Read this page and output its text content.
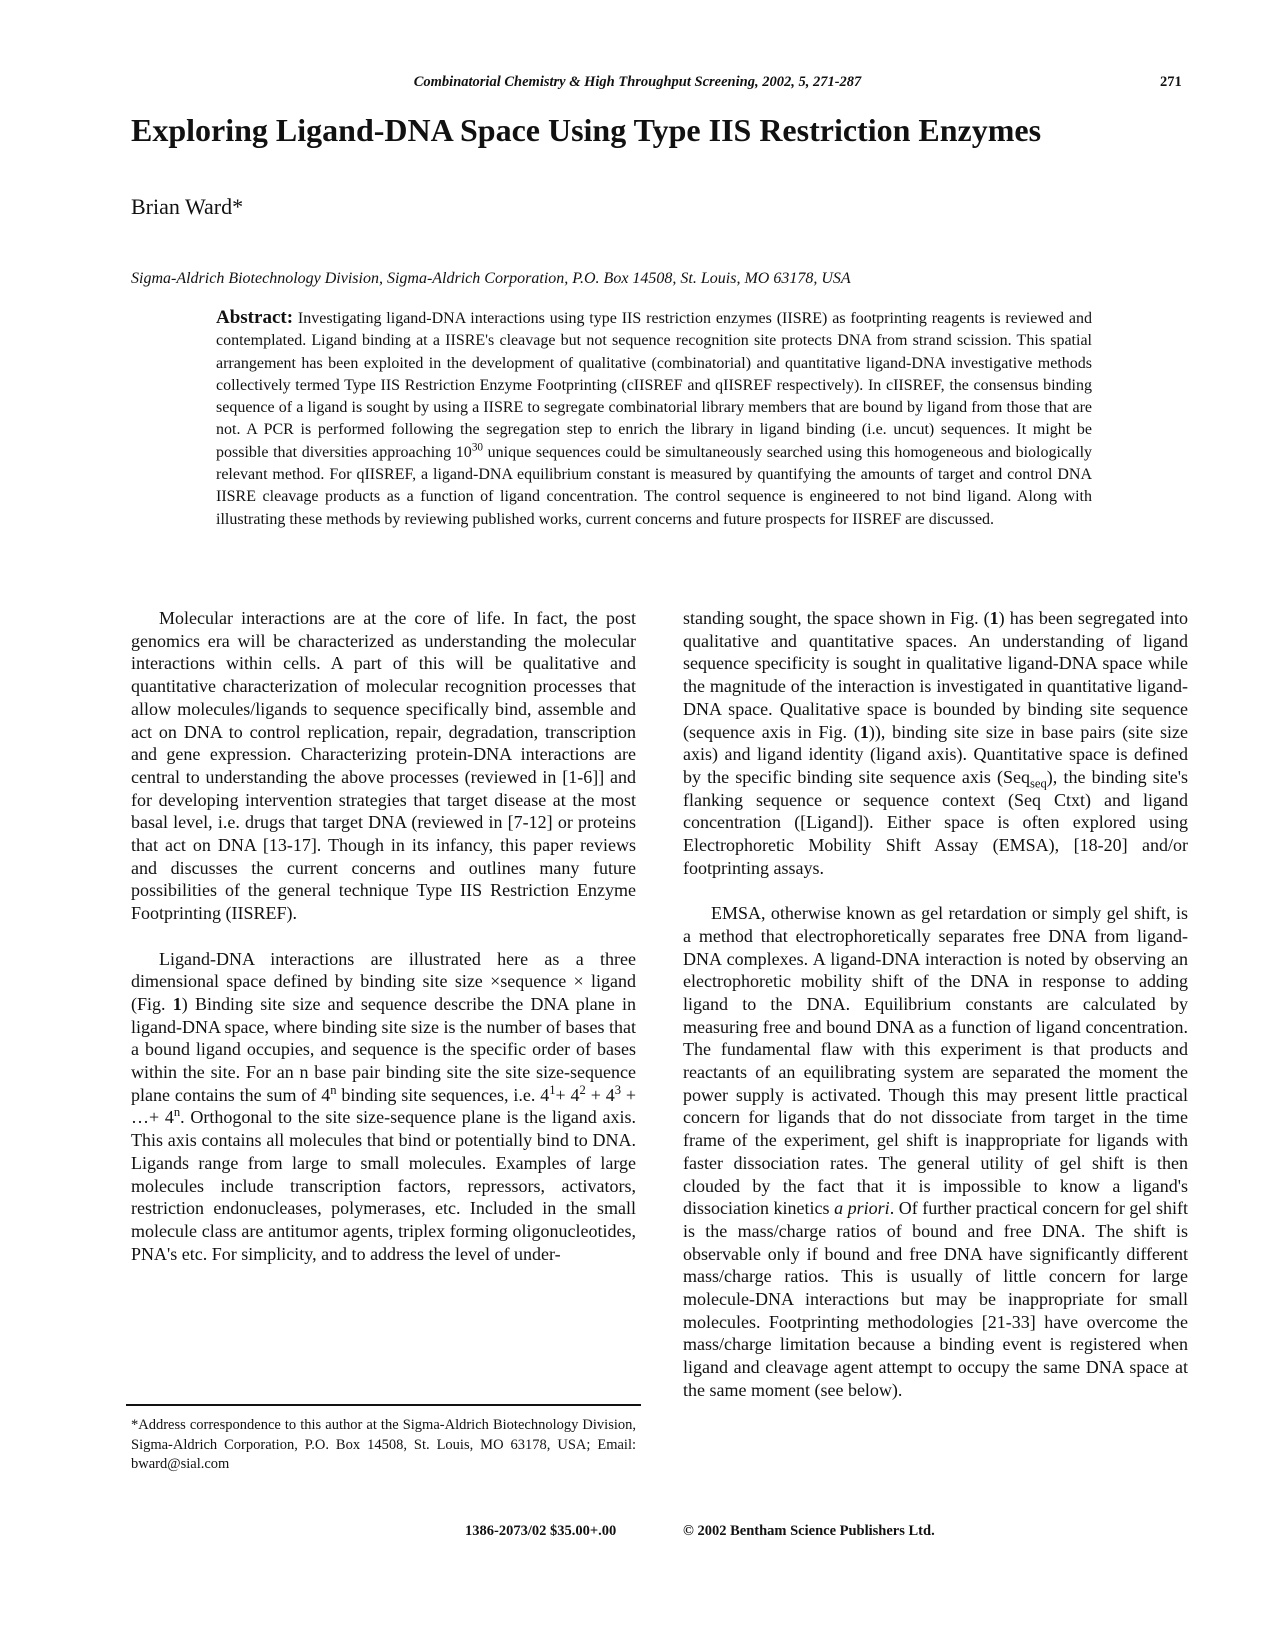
Combinatorial Chemistry & High Throughput Screening, 2002, 5, 271-287	271
Exploring Ligand-DNA Space Using Type IIS Restriction Enzymes
Brian Ward*
Sigma-Aldrich Biotechnology Division, Sigma-Aldrich Corporation, P.O. Box 14508, St. Louis, MO 63178, USA
Abstract: Investigating ligand-DNA interactions using type IIS restriction enzymes (IISRE) as footprinting reagents is reviewed and contemplated. Ligand binding at a IISRE's cleavage but not sequence recognition site protects DNA from strand scission. This spatial arrangement has been exploited in the development of qualitative (combinatorial) and quantitative ligand-DNA investigative methods collectively termed Type IIS Restriction Enzyme Footprinting (cIISREF and qIISREF respectively). In cIISREF, the consensus binding sequence of a ligand is sought by using a IISRE to segregate combinatorial library members that are bound by ligand from those that are not. A PCR is performed following the segregation step to enrich the library in ligand binding (i.e. uncut) sequences. It might be possible that diversities approaching $10^{30}$ unique sequences could be simultaneously searched using this homogeneous and biologically relevant method. For qIISREF, a ligand-DNA equilibrium constant is measured by quantifying the amounts of target and control DNA IISRE cleavage products as a function of ligand concentration. The control sequence is engineered to not bind ligand. Along with illustrating these methods by reviewing published works, current concerns and future prospects for IISREF are discussed.

Molecular interactions are at the core of life. In fact, the post genomics era will be characterized as understanding the molecular interactions within cells. A part of this will be qualitative and quantitative characterization of molecular recognition processes that allow molecules/ligands to sequence specifically bind, assemble and act on DNA to control replication, repair, degradation, transcription and gene expression. Characterizing protein-DNA interactions are central to understanding the above processes (reviewed in [1-6]] and for developing intervention strategies that target disease at the most basal level, i.e. drugs that target DNA (reviewed in [7-12] or proteins that act on DNA [13-17]. Though in its infancy, this paper reviews and discusses the current concerns and outlines many future possibilities of the general technique Type IIS Restriction Enzyme Footprinting (IISREF).

Ligand-DNA interactions are illustrated here as a three dimensional space defined by binding site size ×sequence × ligand (Fig. 1) Binding site size and sequence describe the DNA plane in ligand-DNA space, where binding site size is the number of bases that a bound ligand occupies, and sequence is the specific order of bases within the site. For an n base pair binding site the site size-sequence plane contains the sum of 4$^n$ binding site sequences, i.e. $4^1+ 4^2 + 4^3$ + …+ $4^n$. Orthogonal to the site size-sequence plane is the ligand axis. This axis contains all molecules that bind or potentially bind to DNA. Ligands range from large to small molecules. Examples of large molecules include transcription factors, repressors, activators, restriction endonucleases, polymerases, etc. Included in the small molecule class are antitumor agents, triplex forming oligonucleotides, PNA's etc. For simplicity, and to address the level of under-

standing sought, the space shown in Fig. (1) has been segregated into qualitative and quantitative spaces. An understanding of ligand sequence specificity is sought in qualitative ligand-DNA space while the magnitude of the interaction is investigated in quantitative ligand-DNA space. Qualitative space is bounded by binding site sequence (sequence axis in Fig. (1)), binding site size in base pairs (site size axis) and ligand identity (ligand axis). Quantitative space is defined by the specific binding site sequence axis (Seq$_{seq}$), the binding site's flanking sequence or sequence context (Seq Ctxt) and ligand concentration ([Ligand]). Either space is often explored using Electrophoretic Mobility Shift Assay (EMSA), [18-20] and/or footprinting assays.

EMSA, otherwise known as gel retardation or simply gel shift, is a method that electrophoretically separates free DNA from ligand-DNA complexes. A ligand-DNA interaction is noted by observing an electrophoretic mobility shift of the DNA in response to adding ligand to the DNA. Equilibrium constants are calculated by measuring free and bound DNA as a function of ligand concentration. The fundamental flaw with this experiment is that products and reactants of an equilibrating system are separated the moment the power supply is activated. Though this may present little practical concern for ligands that do not dissociate from target in the time frame of the experiment, gel shift is inappropriate for ligands with faster dissociation rates. The general utility of gel shift is then clouded by the fact that it is impossible to know a ligand's dissociation kinetics a priori. Of further practical concern for gel shift is the mass/charge ratios of bound and free DNA. The shift is observable only if bound and free DNA have significantly different mass/charge ratios. This is usually of little concern for large molecule-DNA interactions but may be inappropriate for small molecules. Footprinting methodologies [21-33] have overcome the mass/charge limitation because a binding event is registered when ligand and cleavage agent attempt to occupy the same DNA space at the same moment (see below).

*Address correspondence to this author at the Sigma-Aldrich Biotechnology Division, Sigma-Aldrich Corporation, P.O. Box 14508, St. Louis, MO 63178, USA; Email: bward@sial.com
1386-2073/02 $35.00+.00	© 2002 Bentham Science Publishers Ltd.
